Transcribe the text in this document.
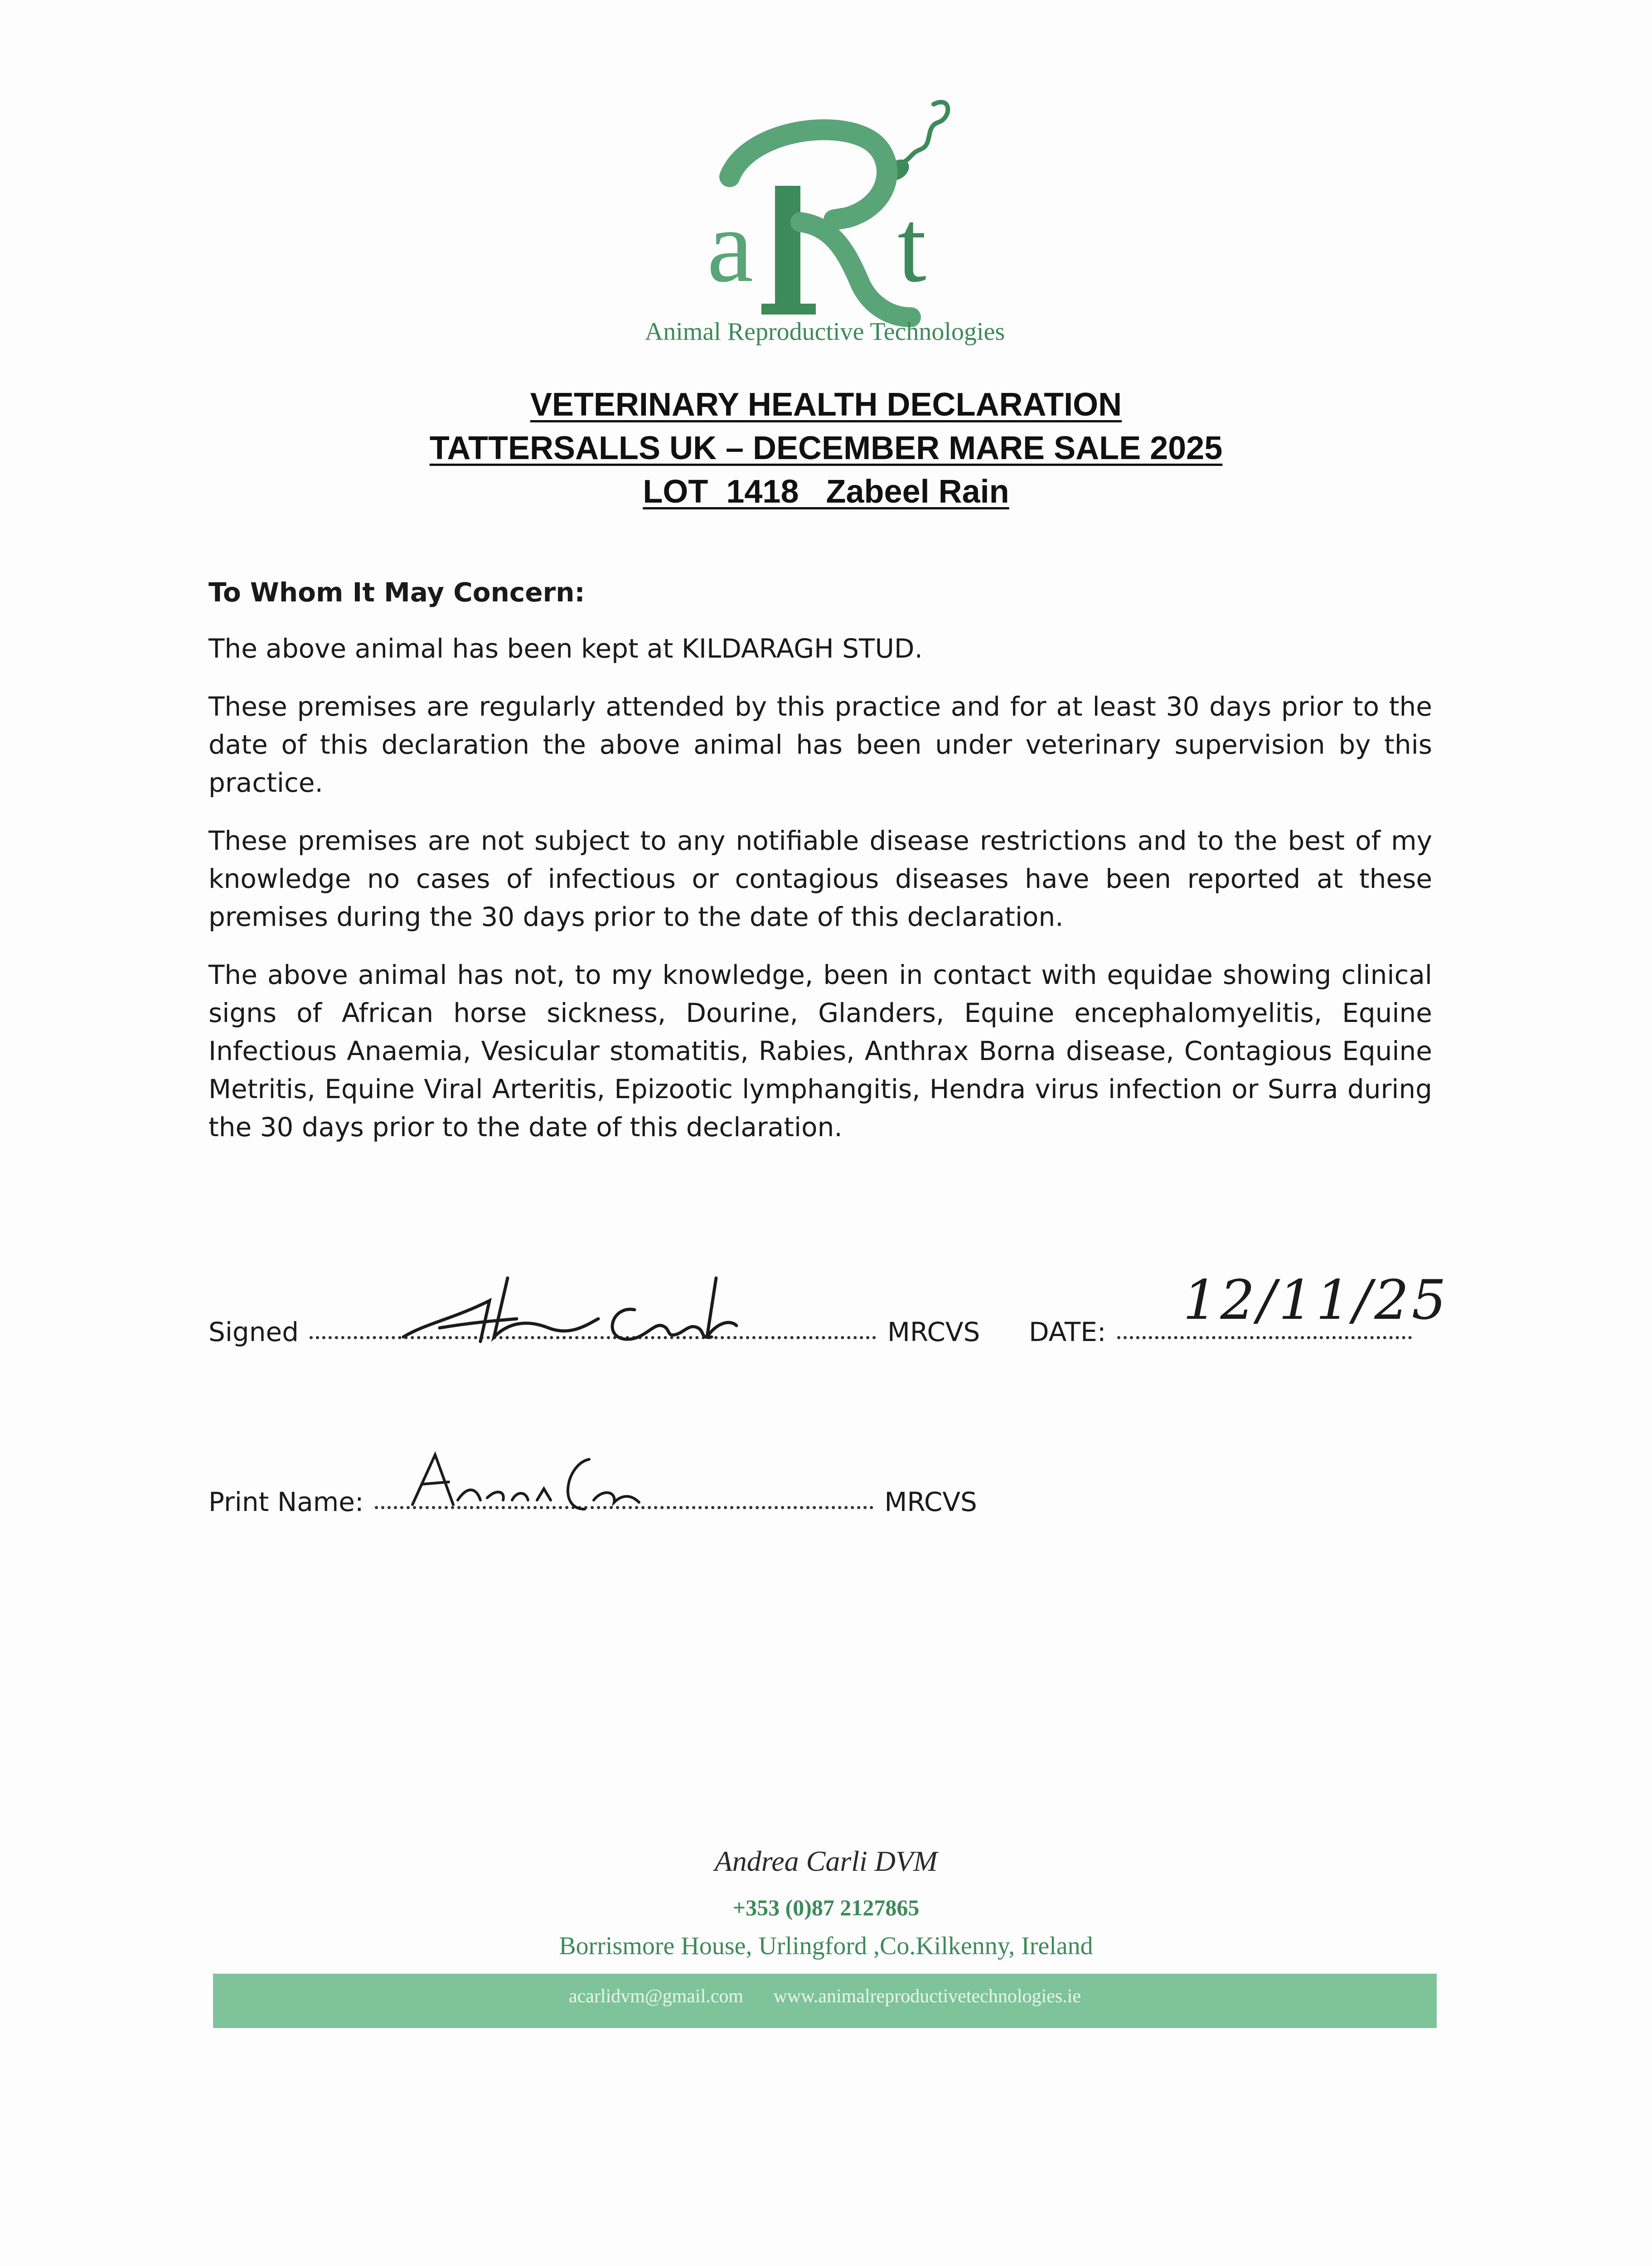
a t
Animal Reproductive Technologies
VETERINARY HEALTH DECLARATION
TATTERSALLS UK – DECEMBER MARE SALE 2025
LOT  1418   Zabeel Rain

To Whom It May Concern:

The above animal has been kept at KILDARAGH STUD.

These premises are regularly attended by this practice and for at least 30 days prior to the date of this declaration the above animal has been under veterinary supervision by this practice.

These premises are not subject to any notifiable disease restrictions and to the best of my knowledge no cases of infectious or contagious diseases have been reported at these premises during the 30 days prior to the date of this declaration.

The above animal has not, to my knowledge, been in contact with equidae showing clinical signs of African horse sickness, Dourine, Glanders, Equine encephalomyelitis, Equine Infectious Anaemia, Vesicular stomatitis, Rabies, Anthrax Borna disease, Contagious Equine Metritis, Equine Viral Arteritis, Epizootic lymphangitis, Hendra virus infection or Surra during the 30 days prior to the date of this declaration.

Signed	MRCVS DATE:	12/11/25
Print Name:	MRCVS
Andrea Carli DVM
+353 (0)87 2127865
Borrismore House, Urlingford ,Co.Kilkenny, Ireland
acarlidvm@gmail.com www.animalreproductivetechnologies.ie
